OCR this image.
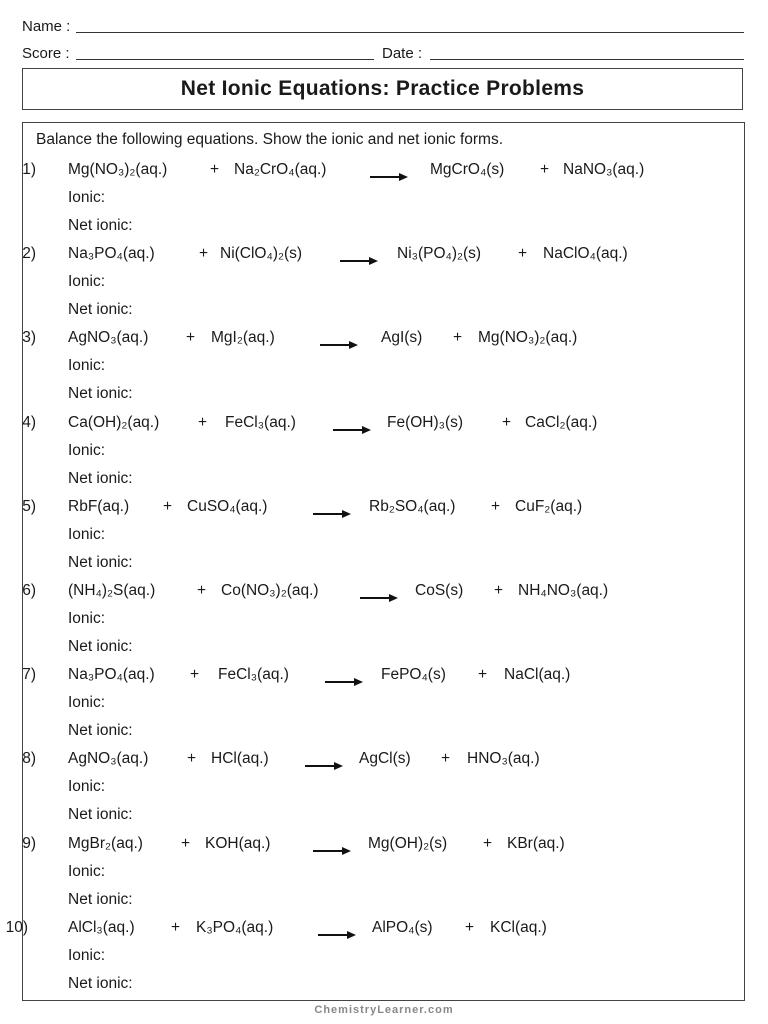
Name :
Score :	Date :
Net Ionic Equations: Practice Problems
Balance the following equations. Show the ionic and net ionic forms.
1) Mg(NO₃)₂(aq.)	+ Na₂CrO₄(aq.)	MgCrO₄(s) + NaNO₃(aq.)
Ionic:
Net ionic:
2) Na₃PO₄(aq.)	+ Ni(ClO₄)₂(s)	Ni₃(PO₄)₂(s) + NaClO₄(aq.)
Ionic:
Net ionic:
3) AgNO₃(aq.) + MgI₂(aq.)	AgI(s) + Mg(NO₃)₂(aq.)
Ionic:
Net ionic:
4) Ca(OH)₂(aq.) + FeCl₃(aq.)	Fe(OH)₃(s)	+ CaCl₂(aq.)
Ionic:
Net ionic:
5) RbF(aq.) + CuSO₄(aq.)	Rb₂SO₄(aq.) + CuF₂(aq.)
Ionic:
Net ionic:
6) (NH₄)₂S(aq.)	+ Co(NO₃)₂(aq.)	CoS(s) + NH₄NO₃(aq.)
Ionic:
Net ionic:
7) Na₃PO₄(aq.) + FeCl₃(aq.)	FePO₄(s) + NaCl(aq.)
Ionic:
Net ionic:
8) AgNO₃(aq.) + HCl(aq.)	AgCl(s) + HNO₃(aq.)
Ionic:
Net ionic:
9) MgBr₂(aq.) + KOH(aq.)	Mg(OH)₂(s) + KBr(aq.)
Ionic:
Net ionic:
10)	AlCl₃(aq.) + K₃PO₄(aq.)	AlPO₄(s) + KCl(aq.)
Ionic:
Net ionic:
ChemistryLearner.com
